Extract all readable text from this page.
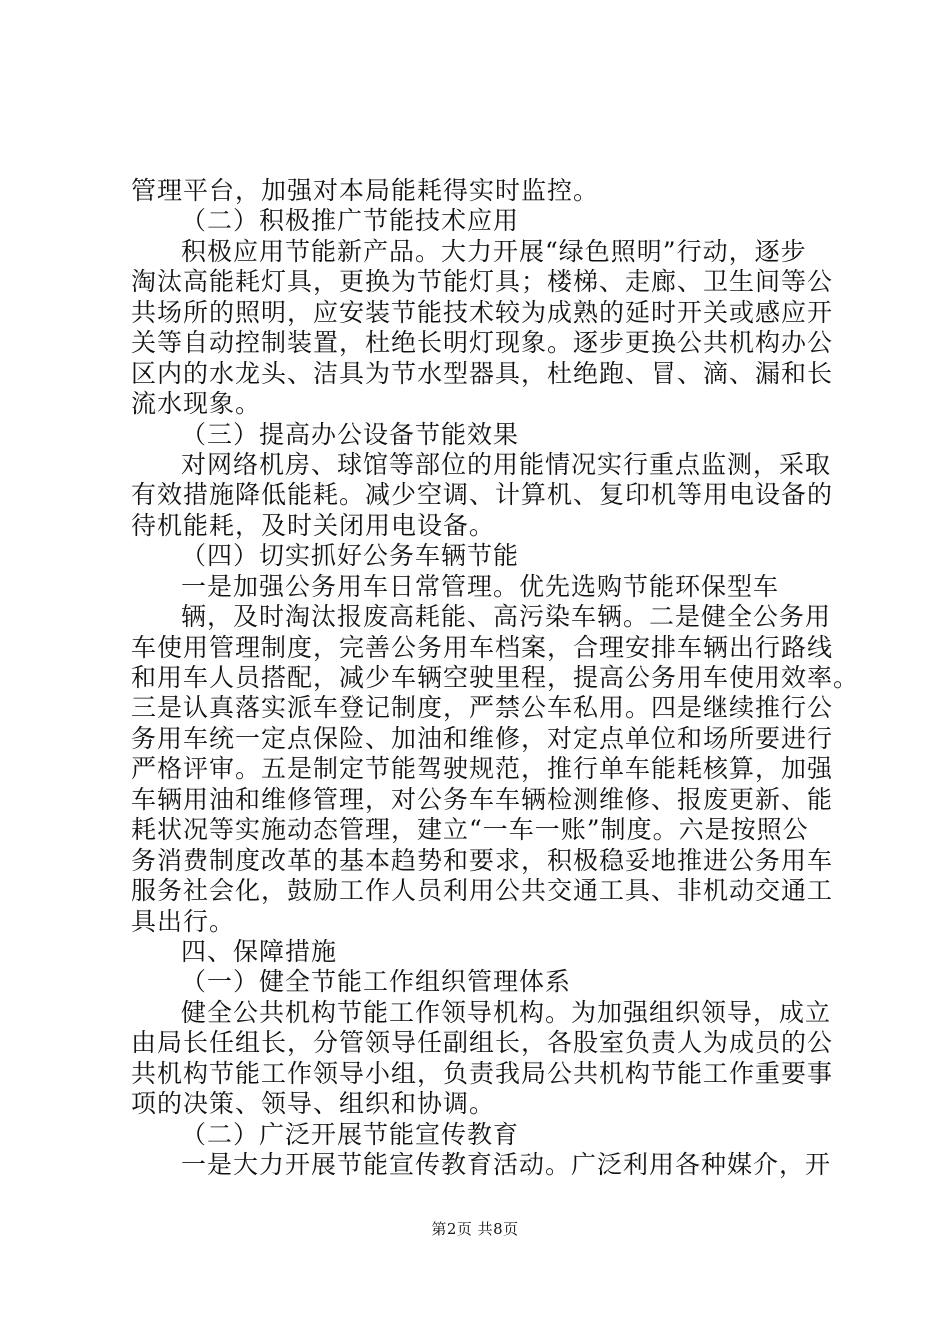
管理平台，加强对本局能耗得实时监控。
（二）积极推广节能技术应用
积极应用节能新产品。大力开展“绿色照明”行动，逐步
淘汰高能耗灯具，更换为节能灯具；楼梯、走廊、卫生间等公
共场所的照明，应安装节能技术较为成熟的延时开关或感应开
关等自动控制装置，杜绝长明灯现象。逐步更换公共机构办公
区内的水龙头、洁具为节水型器具，杜绝跑、冒、滴、漏和长
流水现象。
（三）提高办公设备节能效果
对网络机房、球馆等部位的用能情况实行重点监测，采取
有效措施降低能耗。减少空调、计算机、复印机等用电设备的
待机能耗，及时关闭用电设备。
（四）切实抓好公务车辆节能
一是加强公务用车日常管理。优先选购节能环保型车
辆，及时淘汰报废高耗能、高污染车辆。二是健全公务用
车使用管理制度，完善公务用车档案，合理安排车辆出行路线
和用车人员搭配，减少车辆空驶里程，提高公务用车使用效率。
三是认真落实派车登记制度，严禁公车私用。四是继续推行公
务用车统一定点保险、加油和维修，对定点单位和场所要进行
严格评审。五是制定节能驾驶规范，推行单车能耗核算，加强
车辆用油和维修管理，对公务车车辆检测维修、报废更新、能
耗状况等实施动态管理，建立“一车一账”制度。六是按照公
务消费制度改革的基本趋势和要求，积极稳妥地推进公务用车
服务社会化，鼓励工作人员利用公共交通工具、非机动交通工
具出行。
四、保障措施
（一）健全节能工作组织管理体系
健全公共机构节能工作领导机构。为加强组织领导，成立
由局长任组长，分管领导任副组长，各股室负责人为成员的公
共机构节能工作领导小组，负责我局公共机构节能工作重要事
项的决策、领导、组织和协调。
（二）广泛开展节能宣传教育
一是大力开展节能宣传教育活动。广泛利用各种媒介，开
第2页 共8页
